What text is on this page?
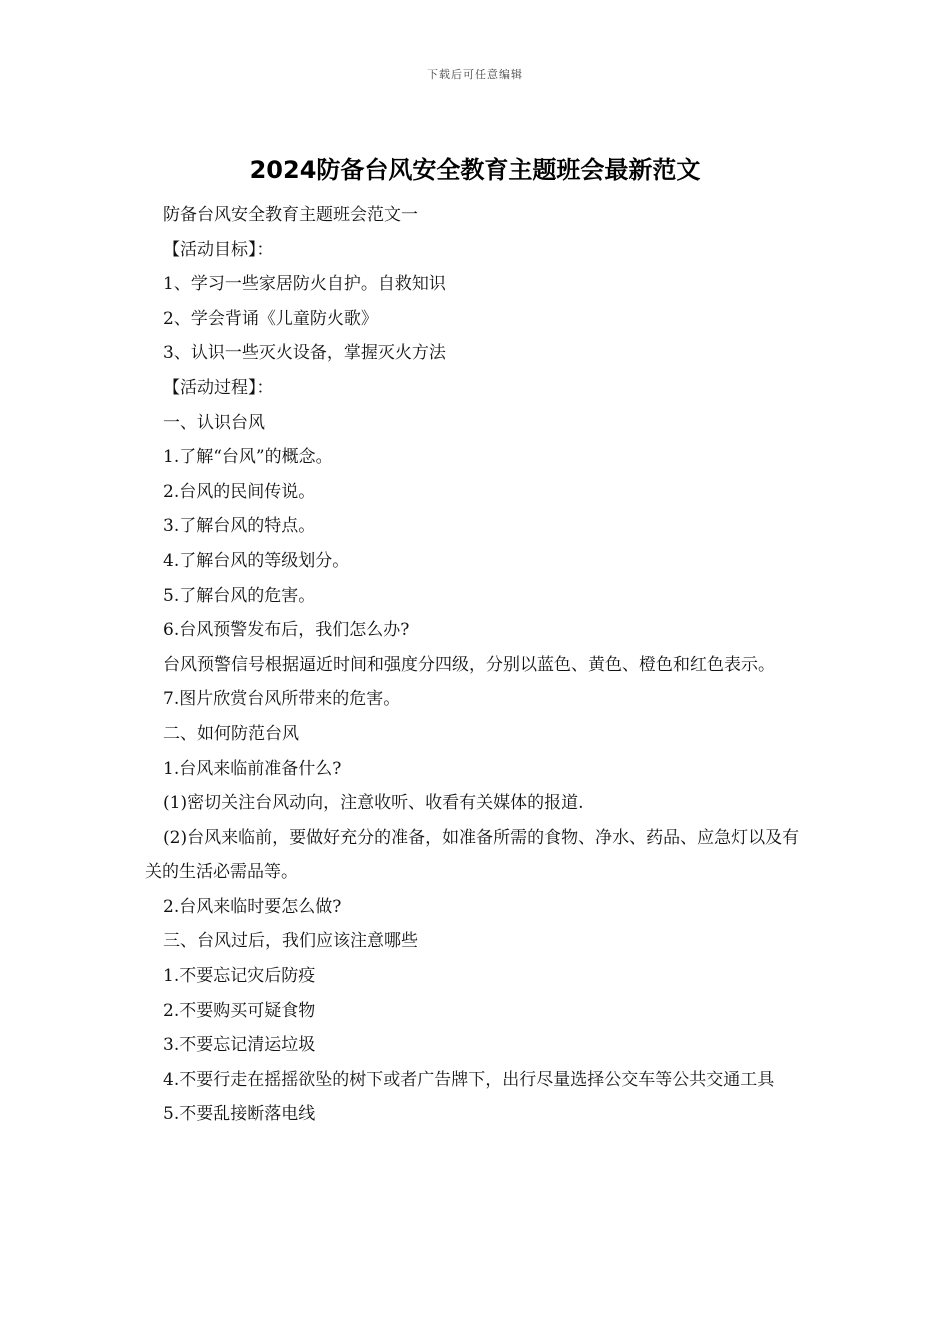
下载后可任意编辑
2024防备台风安全教育主题班会最新范文

防备台风安全教育主题班会范文一

【活动目标】：

1、学习一些家居防火自护。自救知识

2、学会背诵《儿童防火歌》

3、认识一些灭火设备，掌握灭火方法

【活动过程】：

一、认识台风

1.了解“台风”的概念。

2.台风的民间传说。

3.了解台风的特点。

4.了解台风的等级划分。

5.了解台风的危害。

6.台风预警发布后，我们怎么办?

台风预警信号根据逼近时间和强度分四级，分别以蓝色、黄色、橙色和红色表示。

7.图片欣赏台风所带来的危害。

二、如何防范台风

1.台风来临前准备什么?

(1)密切关注台风动向，注意收听、收看有关媒体的报道.

(2)台风来临前，要做好充分的准备，如准备所需的食物、净水、药品、应急灯以及有关的生活必需品等。

2.台风来临时要怎么做?

三、台风过后，我们应该注意哪些

1.不要忘记灾后防疫

2.不要购买可疑食物

3.不要忘记清运垃圾

4.不要行走在摇摇欲坠的树下或者广告牌下，出行尽量选择公交车等公共交通工具

5.不要乱接断落电线
